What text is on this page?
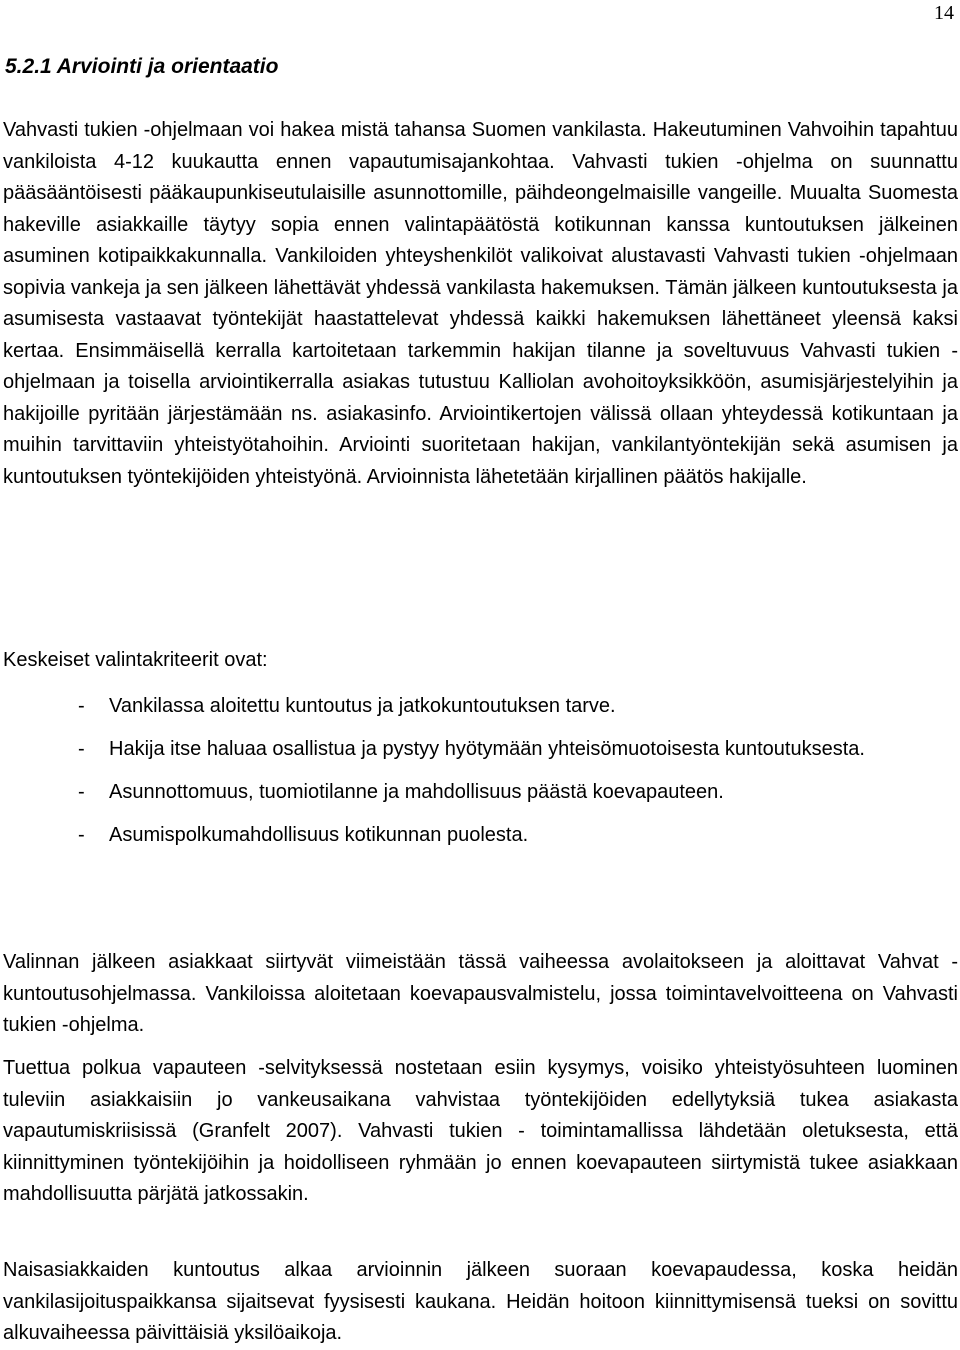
14
5.2.1 Arviointi ja orientaatio

Vahvasti tukien -ohjelmaan voi hakea mistä tahansa Suomen vankilasta. Hakeutuminen Vahvoihin tapahtuu vankiloista 4-12 kuukautta ennen vapautumisajankohtaa. Vahvasti tukien -ohjelma on suunnattu pääsääntöisesti pääkaupunkiseutulaisille asunnottomille, päihdeongelmaisille vangeille. Muualta Suomesta hakeville asiakkaille täytyy sopia ennen valintapäätöstä kotikunnan kanssa kuntoutuksen jälkeinen asuminen kotipaikkakunnalla. Vankiloiden yhteyshenkilöt valikoivat alustavasti Vahvasti tukien -ohjelmaan sopivia vankeja ja sen jälkeen lähettävät yhdessä vankilasta hakemuksen. Tämän jälkeen kuntoutuksesta ja asumisesta vastaavat työntekijät haastattelevat yhdessä kaikki hakemuksen lähettäneet yleensä kaksi kertaa. Ensimmäisellä kerralla kartoitetaan tarkemmin hakijan tilanne ja soveltuvuus Vahvasti tukien -ohjelmaan ja toisella arviointikerralla asiakas tutustuu Kalliolan avohoitoyksikköön, asumisjärjestelyihin ja hakijoille pyritään järjestämään ns. asiakasinfo. Arviointikertojen välissä ollaan yhteydessä kotikuntaan ja muihin tarvittaviin yhteistyötahoihin. Arviointi suoritetaan hakijan, vankilantyöntekijän sekä asumisen ja kuntoutuksen työntekijöiden yhteistyönä. Arvioinnista lähetetään kirjallinen päätös hakijalle.

Keskeiset valintakriteerit ovat:
- Vankilassa aloitettu kuntoutus ja jatkokuntoutuksen tarve.
- Hakija itse haluaa osallistua ja pystyy hyötymään yhteisömuotoisesta kuntoutuksesta.
- Asunnottomuus, tuomiotilanne ja mahdollisuus päästä koevapauteen.
- Asumispolkumahdollisuus kotikunnan puolesta.

Valinnan jälkeen asiakkaat siirtyvät viimeistään tässä vaiheessa avolaitokseen ja aloittavat Vahvat -kuntoutusohjelmassa. Vankiloissa aloitetaan koevapausvalmistelu, jossa toimintavelvoitteena on Vahvasti tukien -ohjelma.

Tuettua polkua vapauteen -selvityksessä nostetaan esiin kysymys, voisiko yhteistyösuhteen luominen tuleviin asiakkaisiin jo vankeusaikana vahvistaa työntekijöiden edellytyksiä tukea asiakasta vapautumiskriisissä (Granfelt 2007). Vahvasti tukien - toimintamallissa lähdetään oletuksesta, että kiinnittyminen työntekijöihin ja hoidolliseen ryhmään jo ennen koevapauteen siirtymistä tukee asiakkaan mahdollisuutta pärjätä jatkossakin.

Naisasiakkaiden kuntoutus alkaa arvioinnin jälkeen suoraan koevapaudessa, koska heidän vankilasijoituspaikkansa sijaitsevat fyysisesti kaukana. Heidän hoitoon kiinnittymisensä tueksi on sovittu alkuvaiheessa päivittäisiä yksilöaikoja.
